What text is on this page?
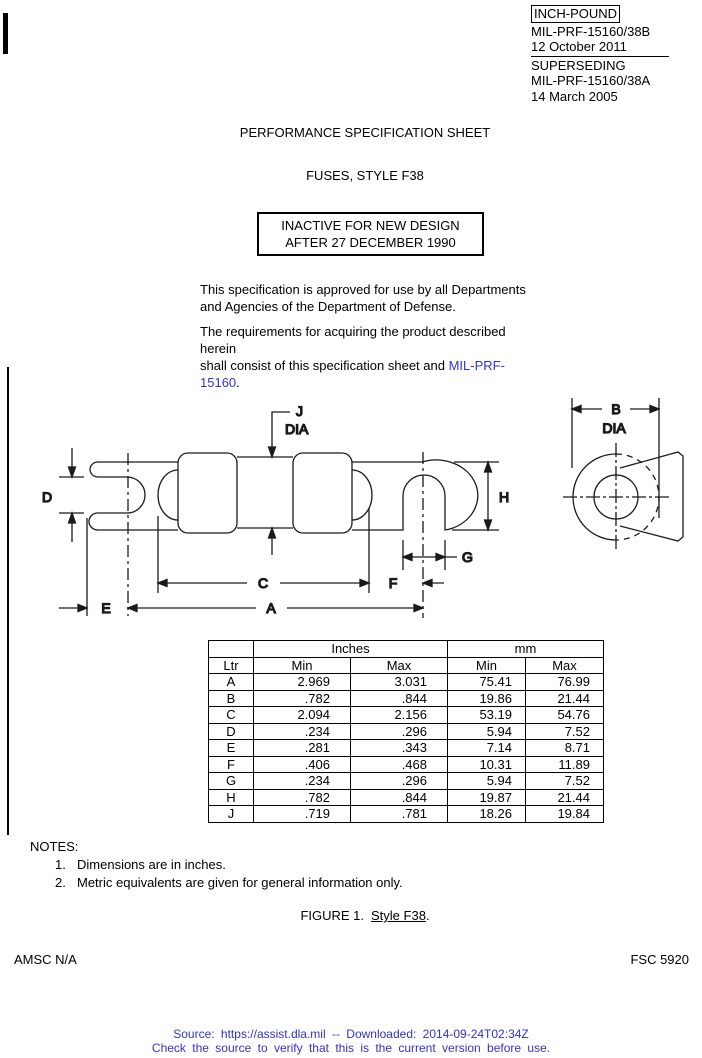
INCH-POUND
MIL-PRF-15160/38B
12 October 2011
SUPERSEDING
MIL-PRF-15160/38A
14 March 2005
PERFORMANCE SPECIFICATION SHEET
FUSES, STYLE F38
INACTIVE FOR NEW DESIGN
AFTER 27 DECEMBER 1990
This specification is approved for use by all Departments
and Agencies of the Department of Defense.
The requirements for acquiring the product described herein
shall consist of this specification sheet and MIL-PRF-15160.
J
DIA
D	H
G
C	F
E	A
B
DIA
	Inches		mm	
Ltr	Min	Max	Min	Max
A	2.969	3.031	75.41	76.99
B	.782	.844	19.86	21.44
C	2.094	2.156	53.19	54.76
D	.234	.296	5.94	7.52
E	.281	.343	7.14	8.71
F	.406	.468	10.31	11.89
G	.234	.296	5.94	7.52
H	.782	.844	19.87	21.44
J	.719	.781	18.26	19.84
NOTES:
1. Dimensions are in inches.
2. Metric equivalents are given for general information only.
FIGURE 1. Style F38.
AMSC N/A	FSC 5920
Source: https://assist.dla.mil -- Downloaded: 2014-09-24T02:34Z
Check the source to verify that this is the current version before use.
